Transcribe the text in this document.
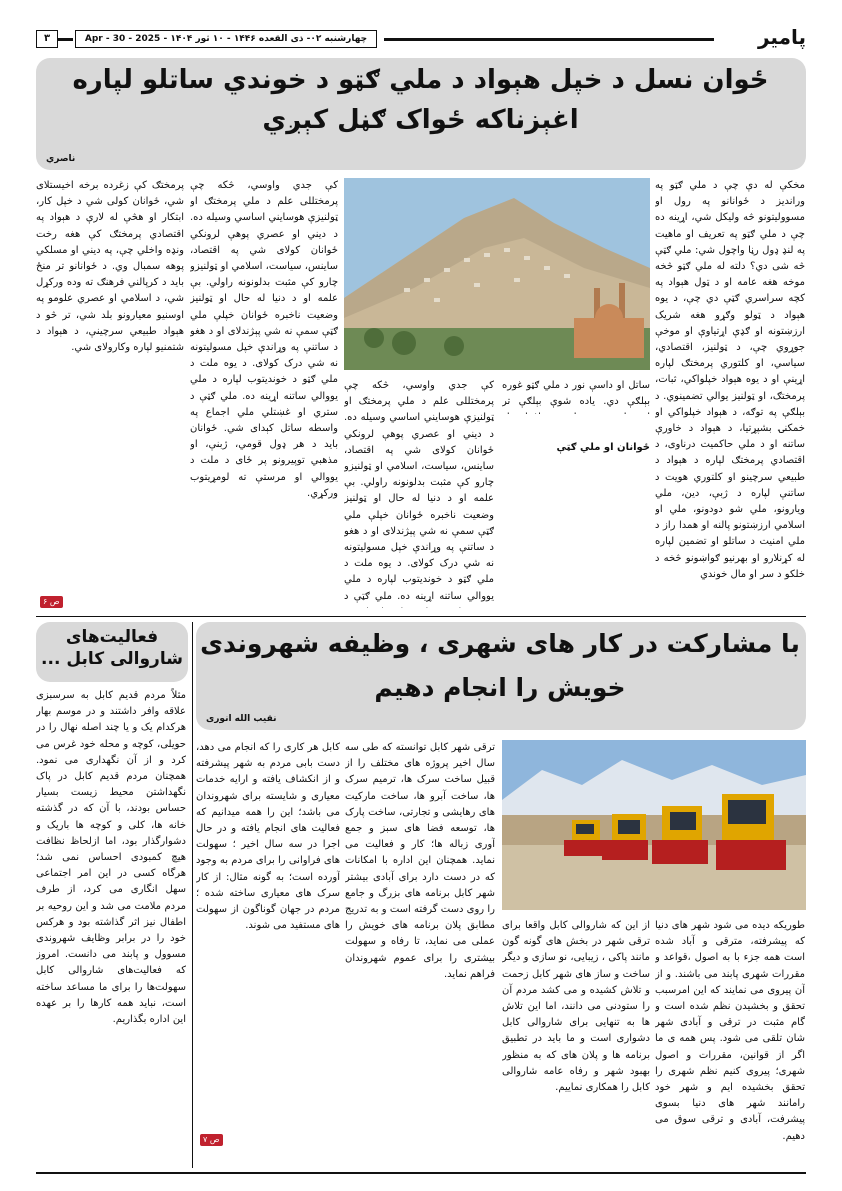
پامیر
چهارشنبه ۰۲- ذی القعده ۱۴۴۶ - ۱۰ ثور ۱۴۰۴ - Apr - 30 - 2025
۳
ځوان نسل د خپل هېواد د ملي ګټو د خوندي ساتلو لپاره
اغېزناکه ځواک ګڼل کېږي
ناصري
مخکې له دې چې د ملي ګټو په ورانديز د ځوانانو په رول او مسوولیتونو څه وليکل شي، اړينه ده چې د ملي ګټو په تعريف او ماهيت په لنډ ډول رڼا واچول شي: ملي ګټې څه شی دي؟ دلته له ملي ګټو څخه موخه هغه عامه او د ټول هېواد په کچه سراسري ګټې دي چې، د يوه هېواد د ټولو وګړو هغه شريک ارزښتونه او ګډې اړتياوې او موخې جوړوي چې، د ټولنيز، اقتصادي، سياسي، او کلتوري پرمختګ لپاره اړينې او د يوه هېواد خپلواکي، ثبات، پرمختګ، او ټولنيز يوالي تضمينوي. د بېلګې په توګه، د هېواد خپلواکي او خمکنۍ بشپړتيا، د هېواد د خاورې ساتنه او د ملي حاکميت درناوی، د اقتصادي پرمختګ لپاره د هېواد د طبيعي سرچينو او کلتوري هويت د ساتنې لپاره د ژبې، دين، ملي ويارونو، ملي شو دودونو، ملي او اسلامي ارزښتونو پالنه او همدا راز د ملي امنيت د ساتلو او تضمين لپاره له کړنلارو او بهرنيو ګواښونو څخه د خلکو د سر او مال خوندي
ساتل او داسې نور د ملي ګټو غوره بېلګې دي. ياده شوې بېلګې تر
ځوانان او ملي ګټې
کې جدي واوسي، څکه چې پرمختللی علم د ملي پرمختګ او ټولنيزې هوسايني اساسي وسيله ده. د ديني او عصري پوهې لرونکي ځوانان کولای شي په اقتصاد، ساينس، سياست، اسلامي او ټولنيزو چارو کې مثبت بدلونونه راولي. بې علمه او د دنيا له حال او ټولنيز وضعيت ناخبره ځوانان خپلې ملي ګټې سمې نه شي پېژندلای او د هغو د ساتنې په وړاندې خپل مسوليتونه نه شي درک کولای. د يوه ملت د ملي ګټو د خونديتوب لپاره د ملي يووالي ساتنه اړينه ده. ملي ګټې د
کې جدي واوسي، څکه چې پرمختللی علم د ملي پرمختګ او ټولنيزې هوسايني اساسي وسيله ده. د ديني او عصري پوهې لرونکي ځوانان کولای شي په اقتصاد، ساينس، سياست، اسلامي او ټولنيزو چارو کې مثبت بدلونونه راولي. بې علمه او د دنيا له حال او ټولنيز وضعيت ناخبره ځوانان خپلې ملي ګټې سمې نه شي پېژندلای او د هغو د ساتنې په وړاندې خپل مسوليتونه نه شي درک کولای. د يوه ملت د ملي ګټو د خونديتوب لپاره د ملي يووالي ساتنه اړينه ده. ملي ګټې د ستري او غښتلي ملي اجماع په واسطه ساتل کېدای شي. ځوانان بايد د هر ډول قومي، ژبنې، او مذهبي توپيرونو پر ځای د ملت د يووالي او مرستې ته لومړيتوب ورکړي.
پرمختګ کې زغرده برخه اخيستلای شي، ځوانان کولی شي د خپل کار، ابتکار او هڅې له لارې د هېواد په اقتصادي پرمختګ کې هغه رخت ونډه واخلي چې، په ديني او مسلکي پوهه سمبال وي. د ځوانانو تر منځ بايد د کرپالني فرهنګ ته وده ورکړل شي، د اسلامي او عصري علومو په اوسنيو معيارونو بلد شي، تر څو د هېواد طبيعي سرچينې، د هېواد د شتمنيو لپاره وکارولای شي.
ص ۶
با مشارکت در کار های شهری ، وظیفه شهروندی
خویش را انجام دهیم
نقیب الله انوری
فعالیت‌های شاروالی کابل ...
طوریکه دیده می شود شهر های دنیا که پیشرفته، مترقی و آباد شده است همه جزء با به اصول ،قواعد و مقررات شهری پابند می باشند. و از آن پیروی می نمایند که این امرسبب تحقق و بخشیدن نظم شده است و گام مثبت در ترقی و آبادی شهر شان تلقی می شود. پس همه ی ما اگر از قوانین، مقررات و اصول شهری؛ پیروی کنیم نظم شهری را تحقق بخشیده ایم و شهر خود رامانند شهر های دنیا بسوی پیشرفت، آبادی و ترقی سوق می دهیم.
از این که شاروالی کابل واقعا برای ترقی شهر در بخش های گونه گون مانند پاکی ، زیبایی، نو سازی و دیگر ساخت و ساز های شهر کابل زحمت و تلاش کشیده و می کشد مردم آن را ستودنی می دانند، اما این تلاش ها به تنهایی برای شاروالی کابل دشواری است و ما باید در تطبیق برنامه ها و پلان های که به منظور بهبود شهر و رفاه عامه شاروالی کابل را همکاری نماییم.
ترقی شهر کابل توانسته که طی سه سال اخیر پروژه های مختلف را از قبیل ساخت سرک ها، ترمیم سرک ها، ساخت آبرو ها، ساخت مارکیت های رهایشی و تجارتی، ساخت پارک ها، توسعه فضا های سبز و جمع آوری زباله ها؛ کار و فعالیت می نماید. همچنان این اداره با امکانات که در دست دارد برای آبادی بیشتر شهر کابل برنامه های بزرگ و جامع را روی دست گرفته است و به تدریج مطابق پلان برنامه های خویش را عملی می نماید، تا رفاه و سهولت بیشتری را برای عموم شهروندان فراهم نماید.
کابل هر کاری را که انجام می دهد، دست بابی مردم به شهر پیشرفته و از انکشاف یافته و ارایه خدمات معیاری و شایسته برای شهروندان می باشد؛ این را همه میدانیم که فعالیت های انجام یافته و در حال اجرا در سه سال اخیر ؛ سهولت های فراوانی را برای مردم به وجود آورده است؛ به گونه مثال: از کار سرک های معیاری ساخته شده ؛ مردم در جهان گوناگون از سهولت های مستفید می شوند.
ص ۷
مثلاً مردم قدیم کابل به سرسبزی علاقه وافر داشتند و در موسم بهار هرکدام یک و یا چند اصله نهال را در حویلی، کوچه و محله خود غرس می کرد و از آن نگهداری می نمود. همچنان مردم قدیم کابل در پاک نگهداشتن محیط زیست بسیار حساس بودند، با آن که در گذشته خانه ها، کلی و کوچه ها باریک و دشوارگذار بود، اما ازلحاظ نظافت هیچ کمبودی احساس نمی شد؛ هرگاه کسی در این امر اجتماعی سهل انگاری می کرد، از طرف مردم ملامت می شد و این روحیه بر اطفال نیز اثر گذاشته بود و هرکس خود را در برابر وظایف شهروندی مسوول و پابند می دانست. امروز که فعالیت‌های شاروالی کابل سهولت‌ها را برای ما مساعد ساخته است، نباید همه کارها را بر عهده این اداره بگذاریم.
